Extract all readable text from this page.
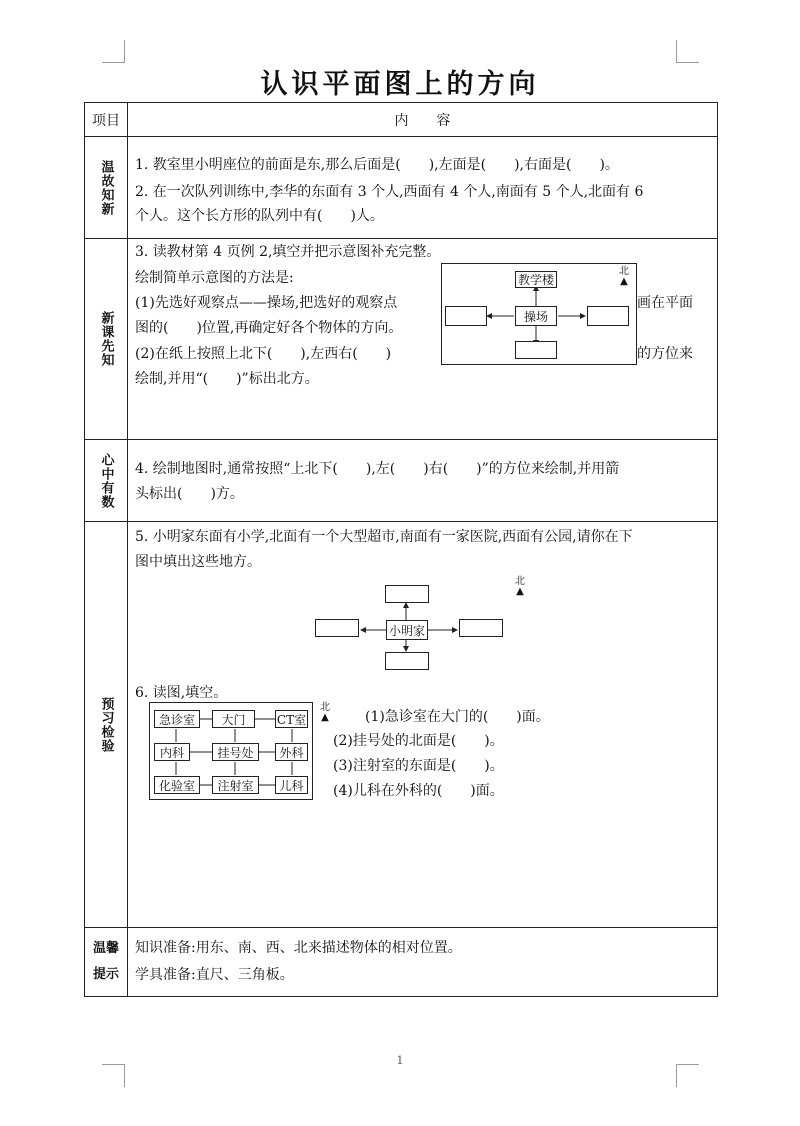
认识平面图上的方向
项目	内　　容
温故知新 1. 教室里小明座位的前面是东,那么后面是(　　),左面是(　　),右面是(　　)。
2. 在一次队列训练中,李华的东面有 3 个人,西面有 4 个人,南面有 5 个人,北面有 6
个人。这个长方形的队列中有(　　)人。
新课先知
3. 读教材第 4 页例 2,填空并把示意图补充完整。
绘制简单示意图的方法是:
(1)先选好观察点——操场,把选好的观察点	画在平面
图的(　　)位置,再确定好各个物体的方向。
(2)在纸上按照上北下(　　),左西右(　　)	的方位来
绘制,并用“(　　)”标出北方。
北
▲
教学楼
操场
心中有数 4. 绘制地图时,通常按照“上北下(　　),左(　　)右(　　)”的方位来绘制,并用箭
头标出(　　)方。
预习检验
5. 小明家东面有小学,北面有一个大型超市,南面有一家医院,西面有公园,请你在下
图中填出这些地方。
北
▲
小明家
6. 读图,填空。
北
▲
急诊室	大门	CT室
内科	挂号处	外科
化验室	注射室	儿科
(1)急诊室在大门的(　　)面。
(2)挂号处的北面是(　　)。
(3)注射室的东面是(　　)。
(4)儿科在外科的(　　)面。
温馨
提示
知识准备:用东、南、西、北来描述物体的相对位置。
学具准备:直尺、三角板。
1
